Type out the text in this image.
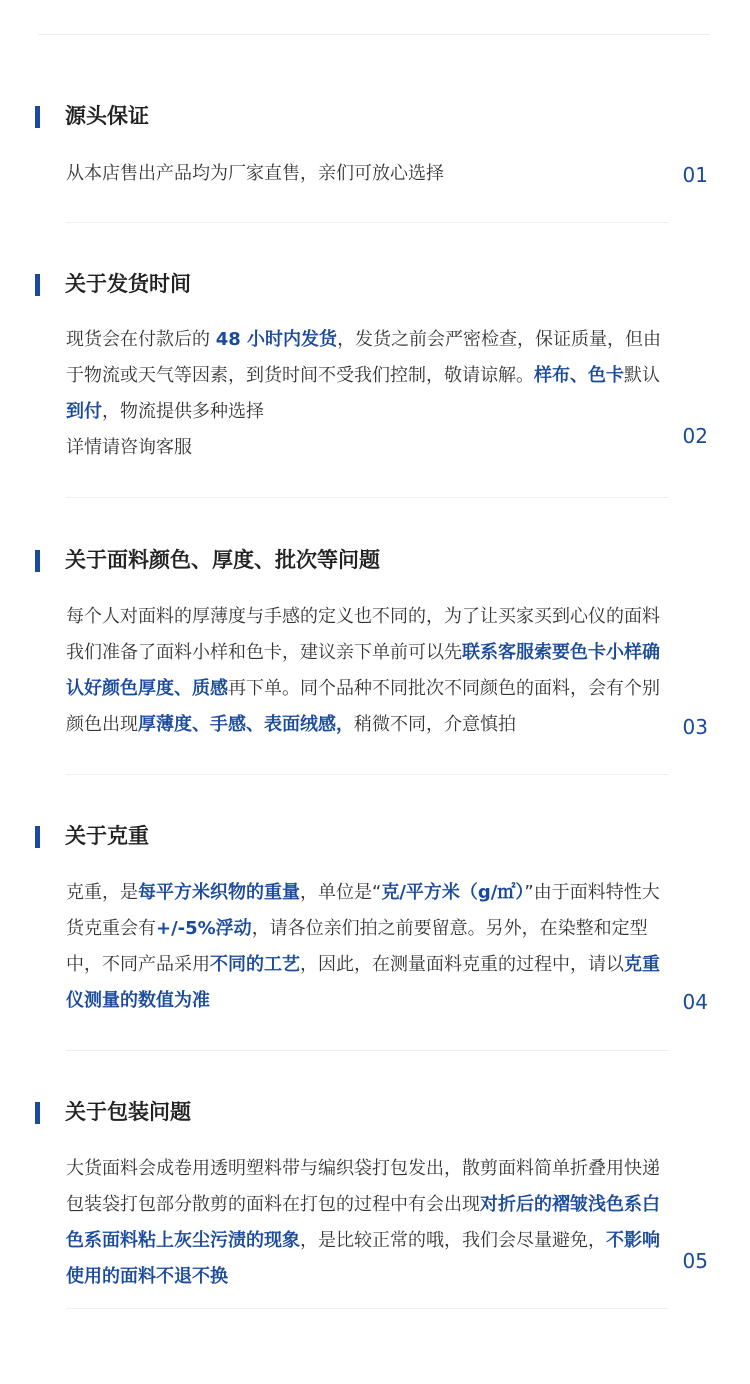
源头保证
从本店售出产品均为厂家直售，亲们可放心选择	01
关于发货时间
现货会在付款后的 48 小时内发货，发货之前会严密检查，保证质量，但由于物流或天气等因素，到货时间不受我们控制，敬请谅解。样布、色卡默认到付，物流提供多种选择
详情请咨询客服	02
关于面料颜色、厚度、批次等问题
每个人对面料的厚薄度与手感的定义也不同的，为了让买家买到心仪的面料我们准备了面料小样和色卡，建议亲下单前可以先联系客服索要色卡小样确认好颜色厚度、质感再下单。同个品种不同批次不同颜色的面料，会有个别颜色出现厚薄度、手感、表面绒感，稍微不同，介意慎拍	03
关于克重
克重，是每平方米织物的重量，单位是“克/平方米（g/㎡）”由于面料特性大货克重会有+/-5%浮动，请各位亲们拍之前要留意。另外，在染整和定型中，不同产品采用不同的工艺，因此，在测量面料克重的过程中，请以克重仪测量的数值为准	04
关于包装问题
大货面料会成卷用透明塑料带与编织袋打包发出，散剪面料简单折叠用快递包装袋打包部分散剪的面料在打包的过程中有会出现对折后的褶皱浅色系白色系面料粘上灰尘污渍的现象，是比较正常的哦，我们会尽量避免，不影响使用的面料不退不换
05
